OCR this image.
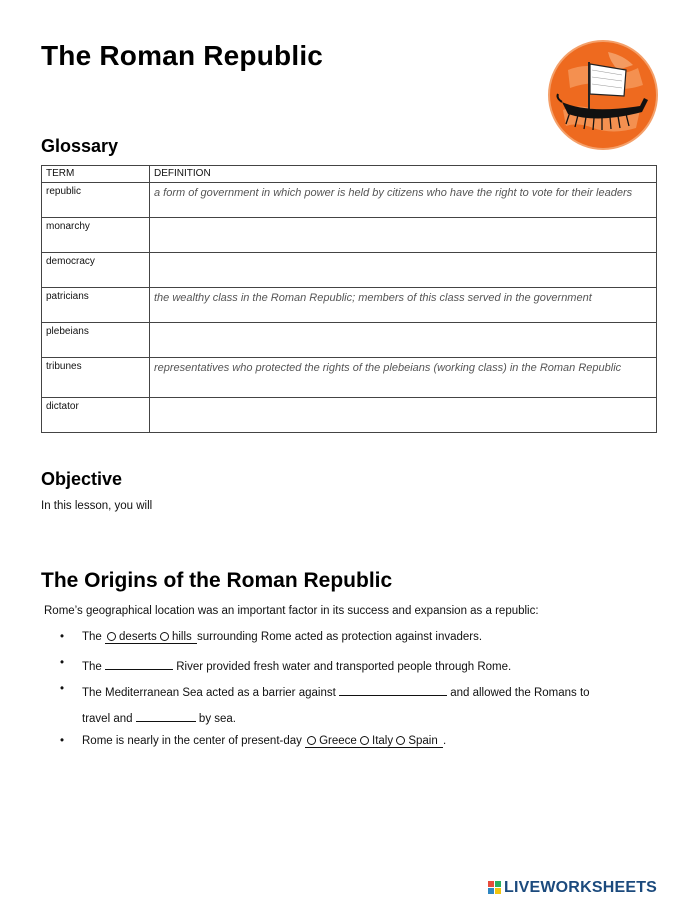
The Roman Republic
Glossary
TERM	DEFINITION
republic	a form of government in which power is held by citizens who have the right to vote for their leaders
monarchy	
democracy	
patricians	the wealthy class in the Roman Republic; members of this class served in the government
plebeians	
tribunes	representatives who protected the rights of the plebeians (working class) in the Roman Republic
dictator	
Objective
In this lesson, you will
The Origins of the Roman Republic
Rome’s geographical location was an important factor in its success and expansion as a republic:
• The deserts hills surrounding Rome acted as protection against invaders.
• The	River provided fresh water and transported people through Rome.
• The Mediterranean Sea acted as a barrier against	and allowed the Romans to
travel and	by sea.
• Rome is nearly in the center of present-day Greece Italy Spain .
LIVEWORKSHEETS
